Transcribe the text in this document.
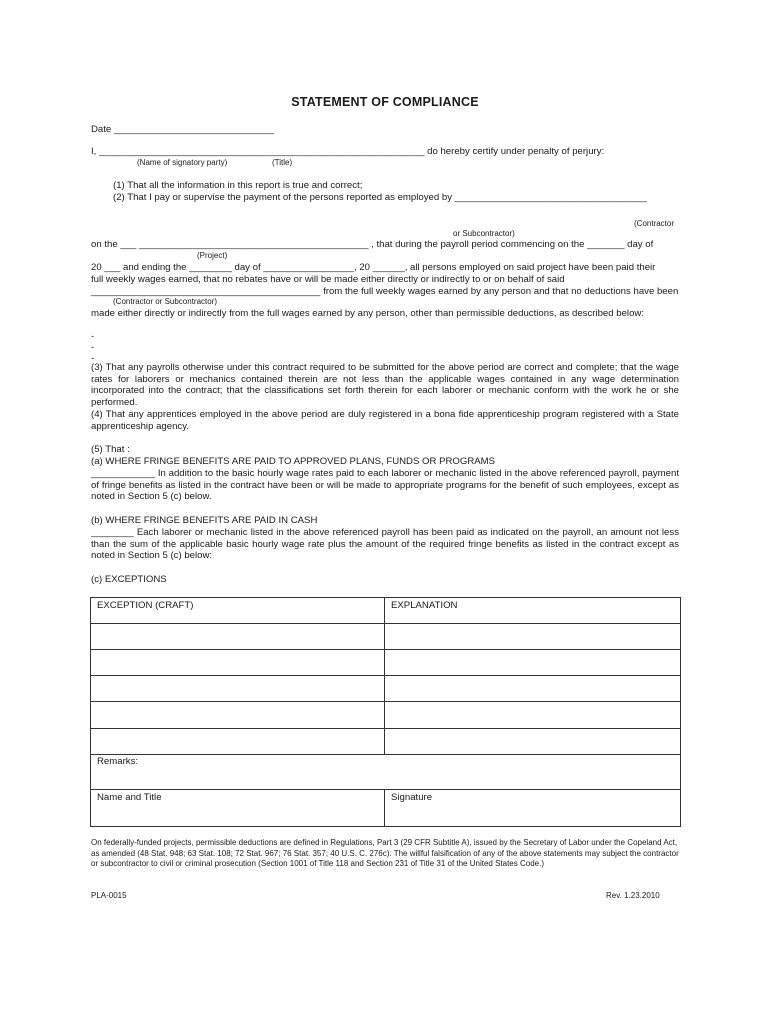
STATEMENT OF COMPLIANCE
Date ______________________________
I, _____________________________________________________________ do hereby certify under penalty of perjury:
(Name of signatory party)	(Title)
(1) That all the information in this report is true and correct;
(2) That I pay or supervise the payment of the persons reported as employed by ____________________________________
(Contractor
or Subcontractor)
on the ___ ___________________________________________ , that during the payroll period commencing on the _______ day of
(Project)
20 ___ and ending the ________ day of _________________, 20 ______, all persons employed on said project have been paid their
full weekly wages earned, that no rebates have or will be made either directly or indirectly to or on behalf of said
___________________________________________ from the full weekly wages earned by any person and that no deductions have been
(Contractor or Subcontractor)
made either directly or indirectly from the full wages earned by any person, other than permissible deductions, as described below:
-
-
-
(3) That any payrolls otherwise under this contract required to be submitted for the above period are correct and complete; that the wage rates for laborers or mechanics contained therein are not less than the applicable wages contained in any wage determination incorporated into the contract; that the classifications set forth therein for each laborer or mechanic conform with the work he or she performed.
(4) That any apprentices employed in the above period are duly registered in a bona fide apprenticeship program registered with a State apprenticeship agency.
(5) That :
(a) WHERE FRINGE BENEFITS ARE PAID TO APPROVED PLANS, FUNDS OR PROGRAMS
____________ In addition to the basic hourly wage rates paid to each laborer or mechanic listed in the above referenced payroll, payment of fringe benefits as listed in the contract have been or will be made to appropriate programs for the benefit of such employees, except as noted in Section 5 (c) below.
(b) WHERE FRINGE BENEFITS ARE PAID IN CASH
________ Each laborer or mechanic listed in the above referenced payroll has been paid as indicated on the payroll, an amount not less than the sum of the applicable basic hourly wage rate plus the amount of the required fringe benefits as listed in the contract except as noted in Section 5 (c) below:
(c) EXCEPTIONS
EXCEPTION (CRAFT)	EXPLANATION
Remarks:
Name and Title	Signature
On federally-funded projects, permissible deductions are defined in Regulations, Part 3 (29 CFR Subtitle A), issued by the Secretary of Labor under the Copeland Act, as amended (48 Stat. 948; 63 Stat. 108; 72 Stat. 967; 76 Stat. 357; 40 U.S. C. 276c). The willful falsification of any of the above statements may subject the contractor or subcontractor to civil or criminal prosecution (Section 1001 of Title 118 and Section 231 of Title 31 of the United States Code.)
PLA-0015	Rev. 1.23.2010
